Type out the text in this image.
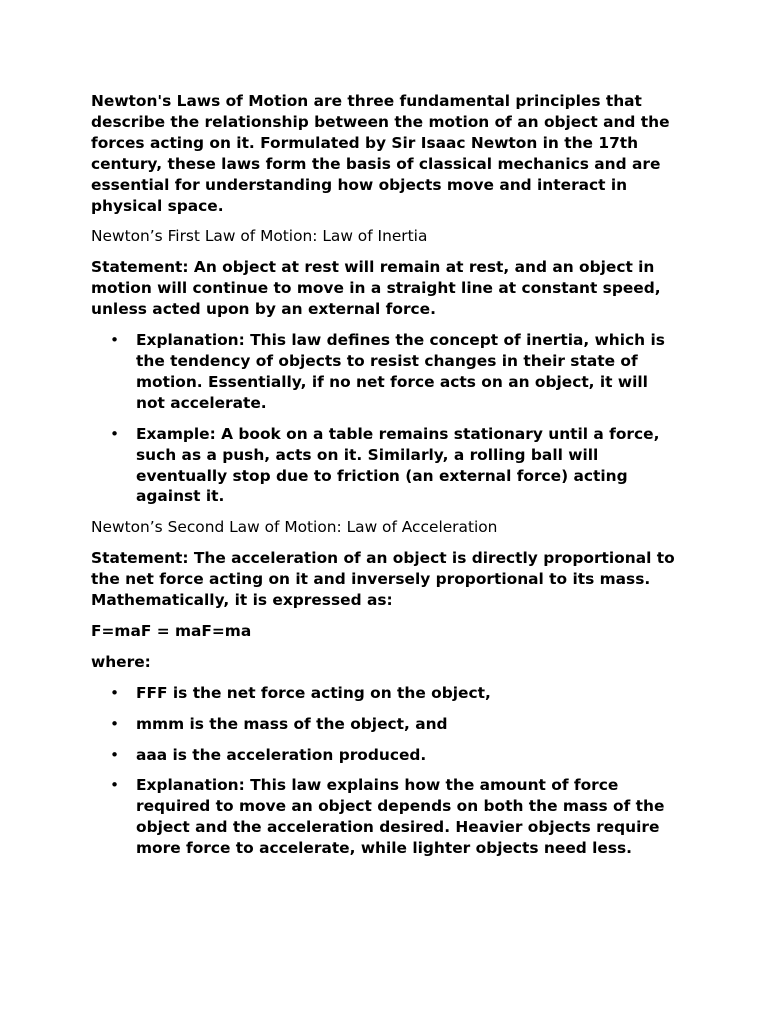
Newton's Laws of Motion are three fundamental principles that describe the relationship between the motion of an object and the forces acting on it. Formulated by Sir Isaac Newton in the 17th century, these laws form the basis of classical mechanics and are essential for understanding how objects move and interact in physical space.

Newton’s First Law of Motion: Law of Inertia

Statement: An object at rest will remain at rest, and an object in motion will continue to move in a straight line at constant speed, unless acted upon by an external force.

• Explanation: This law defines the concept of inertia, which is the tendency of objects to resist changes in their state of motion. Essentially, if no net force acts on an object, it will not accelerate.
• Example: A book on a table remains stationary until a force, such as a push, acts on it. Similarly, a rolling ball will eventually stop due to friction (an external force) acting against it.

Newton’s Second Law of Motion: Law of Acceleration

Statement: The acceleration of an object is directly proportional to the net force acting on it and inversely proportional to its mass. Mathematically, it is expressed as:

F=maF = maF=ma

where:

• FFF is the net force acting on the object,
• mmm is the mass of the object, and
• aaa is the acceleration produced.
• Explanation: This law explains how the amount of force required to move an object depends on both the mass of the object and the acceleration desired. Heavier objects require more force to accelerate, while lighter objects need less.
